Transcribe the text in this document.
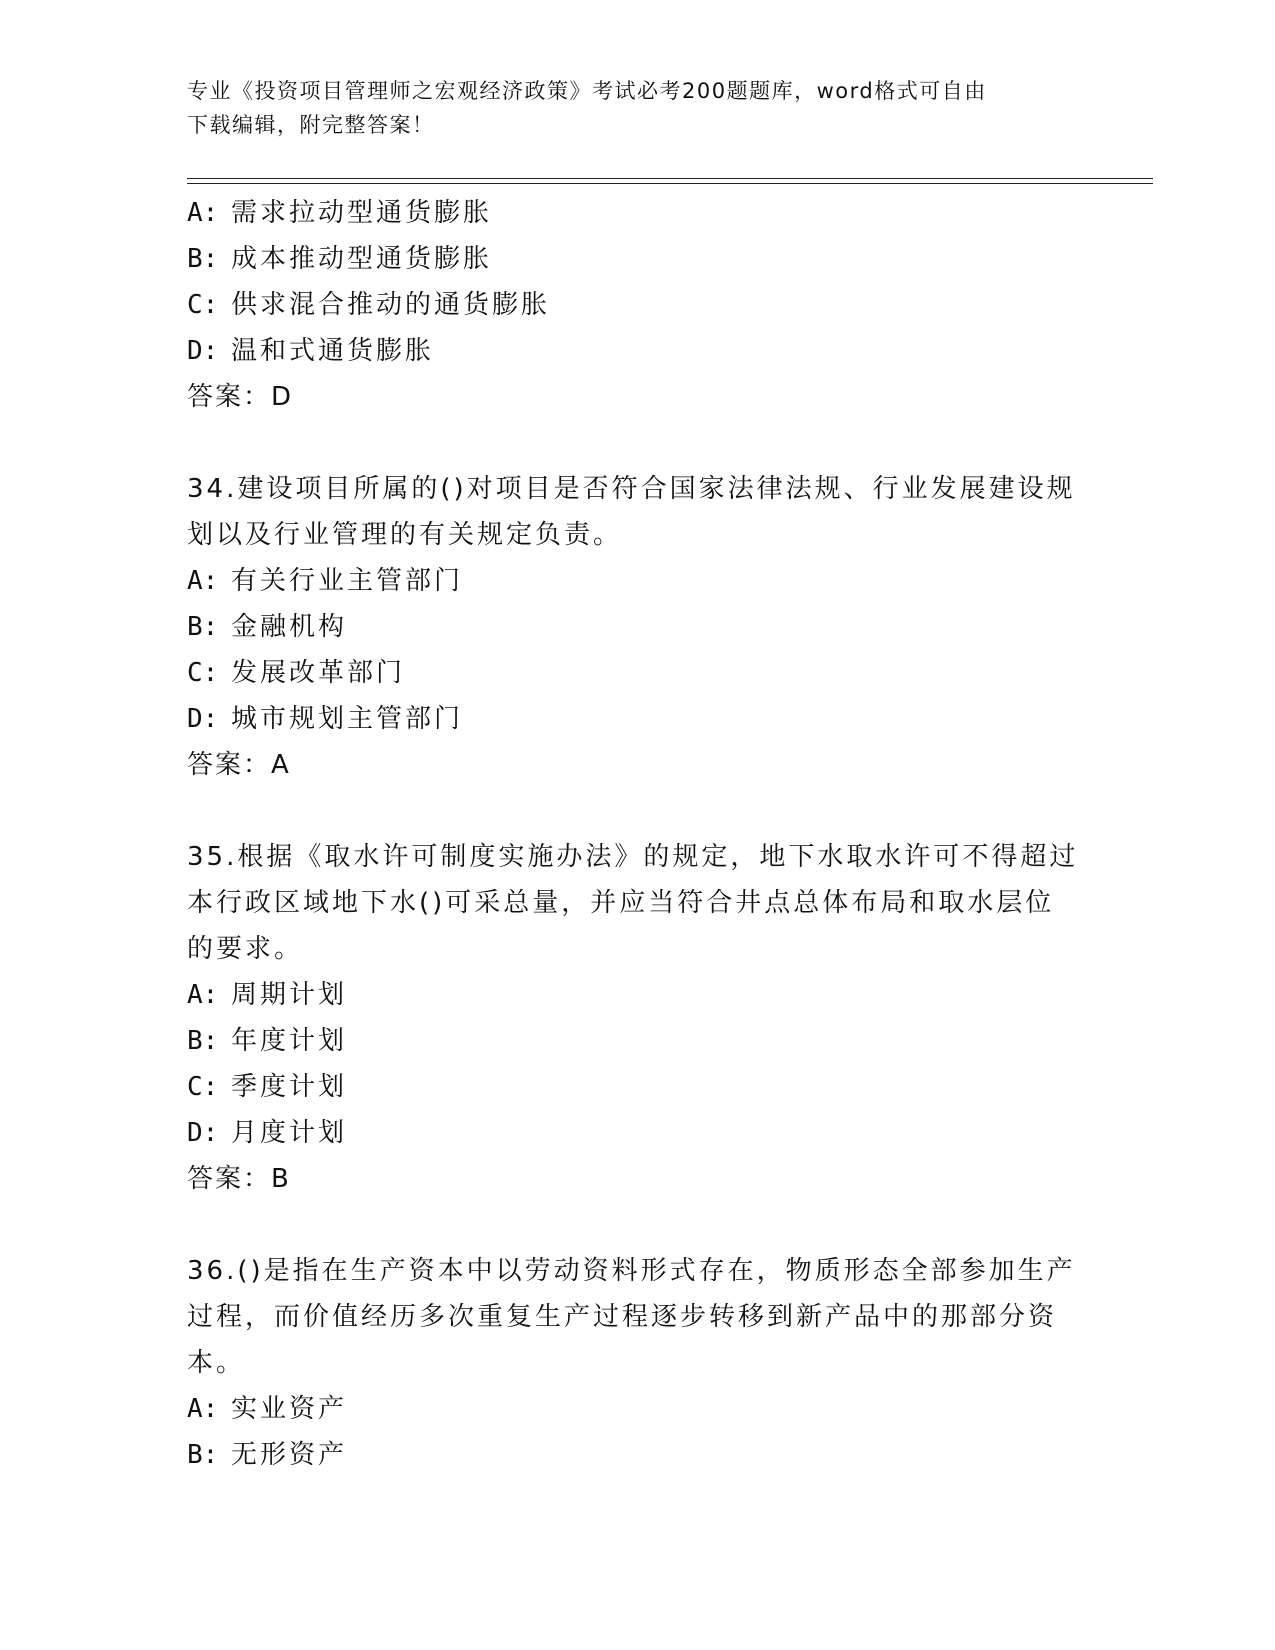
专业《投资项目管理师之宏观经济政策》考试必考200题题库，word格式可自由
下载编辑，附完整答案！
A: 需求拉动型通货膨胀
B: 成本推动型通货膨胀
C: 供求混合推动的通货膨胀
D: 温和式通货膨胀
答案：D
34.建设项目所属的()对项目是否符合国家法律法规、行业发展建设规
划以及行业管理的有关规定负责。
A: 有关行业主管部门
B: 金融机构
C: 发展改革部门
D: 城市规划主管部门
答案：A
35.根据《取水许可制度实施办法》的规定，地下水取水许可不得超过
本行政区域地下水()可采总量，并应当符合井点总体布局和取水层位
的要求。
A: 周期计划
B: 年度计划
C: 季度计划
D: 月度计划
答案：B
36.()是指在生产资本中以劳动资料形式存在，物质形态全部参加生产
过程，而价值经历多次重复生产过程逐步转移到新产品中的那部分资
本。
A: 实业资产
B: 无形资产
